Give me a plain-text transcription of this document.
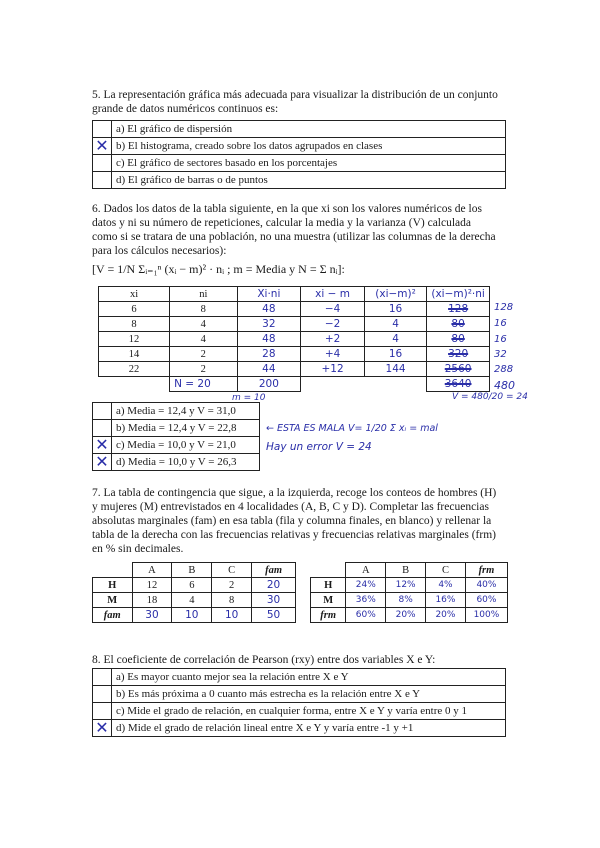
5. La representación gráfica más adecuada para visualizar la distribución de un conjunto
grande de datos numéricos continuos es:
	a) El gráfico de dispersión
✕	b) El histograma, creado sobre los datos agrupados en clases
	c) El gráfico de sectores basado en los porcentajes
	d) El gráfico de barras o de puntos
6. Dados los datos de la tabla siguiente, en la que xi son los valores numéricos de los
datos y ni su número de repeticiones, calcular la media y la varianza (V) calculada
como si se tratara de una población, no una muestra (utilizar las columnas de la derecha
para los cálculos necesarios):
[V = 1/N Σᵢ₌₁ⁿ (xᵢ − m)² · nᵢ ; m = Media y N = Σ nᵢ]:
xi	ni	Xi·ni	xi − m	(xi−m)²	(xi−m)²·ni
6	8	48	−4	16	128
8	4	32	−2	4	80
12	4	48	+2	4	80
14	2	28	+4	16	320
22	2	44	+12	144	2560
	N = 20	200			3640
128
16
16
32
288
480
m = 10	V = 480/20 = 24
	a) Media = 12,4 y V = 31,0
	b) Media = 12,4 y V = 22,8
✕	c) Media = 10,0 y V = 21,0
✕	d) Media = 10,0 y V = 26,3
← ESTA ES MALA V= 1/20 Σ xᵢ = mal
Hay un error V = 24
7. La tabla de contingencia que sigue, a la izquierda, recoge los conteos de hombres (H)
y mujeres (M) entrevistados en 4 localidades (A, B, C y D). Completar las frecuencias
absolutas marginales (fam) en esa tabla (fila y columna finales, en blanco) y rellenar la
tabla de la derecha con las frecuencias relativas y frecuencias relativas marginales (frm)
en % sin decimales.
	A	B	C	fam
H	12	6	2	20
M	18	4	8	30
fam	30	10	10	50
	A	B	C	frm
H	24%	12%	4%	40%
M	36%	8%	16%	60%
frm	60%	20%	20%	100%
8. El coeficiente de correlación de Pearson (rxy) entre dos variables X e Y:
	a) Es mayor cuanto mejor sea la relación entre X e Y
	b) Es más próxima a 0 cuanto más estrecha es la relación entre X e Y
	c) Mide el grado de relación, en cualquier forma, entre X e Y y varía entre 0 y 1
✕	d) Mide el grado de relación lineal entre X e Y y varía entre -1 y +1
